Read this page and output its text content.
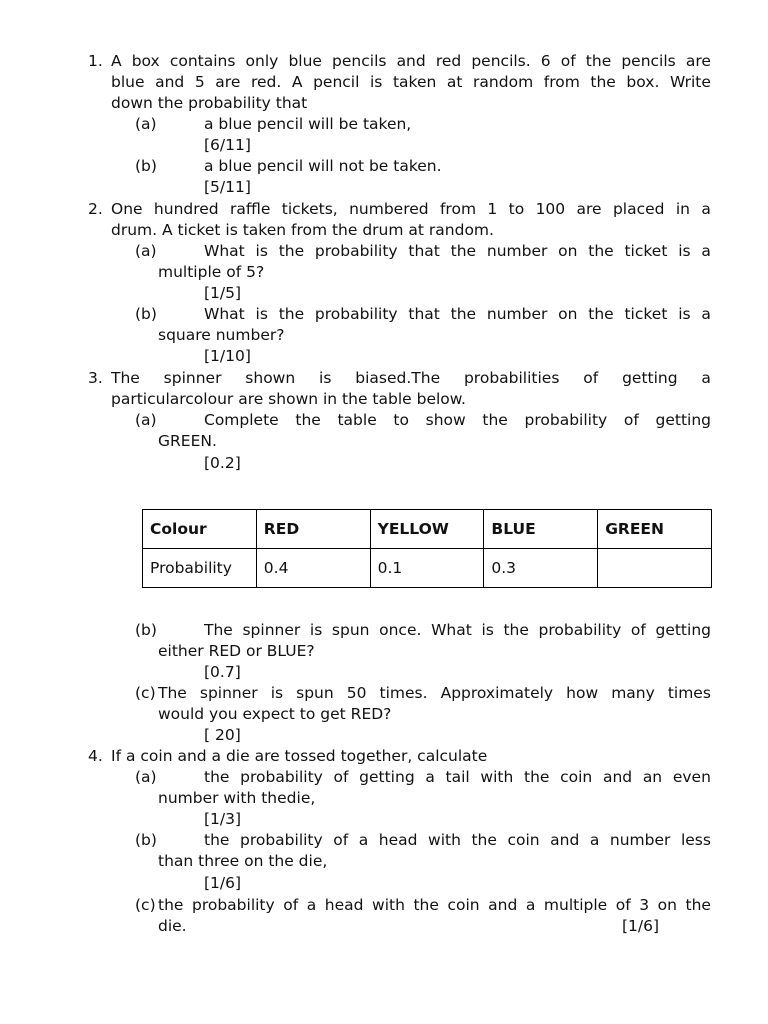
1. A box contains only blue pencils and red pencils. 6 of the pencils are
blue and 5 are red. A pencil is taken at random from the box. Write
down the probability that
(a)	a blue pencil will be taken,
[6/11]
(b)	a blue pencil will not be taken.
[5/11]
2. One hundred raffle tickets, numbered from 1 to 100 are placed in a
drum. A ticket is taken from the drum at random.
(a)	What is the probability that the number on the ticket is a
multiple of 5?
[1/5]
(b)	What is the probability that the number on the ticket is a
square number?
[1/10]
3. The spinner shown is biased.The probabilities of getting a
particularcolour are shown in the table below.
(a)	Complete the table to show the probability of getting
GREEN.
[0.2]
Colour	RED	YELLOW	BLUE	GREEN
Probability	0.4	0.1	0.3	
(b)	The spinner is spun once. What is the probability of getting
either RED or BLUE?
[0.7]
(c) The spinner is spun 50 times. Approximately how many times
would you expect to get RED?
[ 20]
4. If a coin and a die are tossed together, calculate
(a)	the probability of getting a tail with the coin and an even
number with thedie,
[1/3]
(b)	the probability of a head with the coin and a number less
than three on the die,
[1/6]
(c) the probability of a head with the coin and a multiple of 3 on the
die.	[1/6]
